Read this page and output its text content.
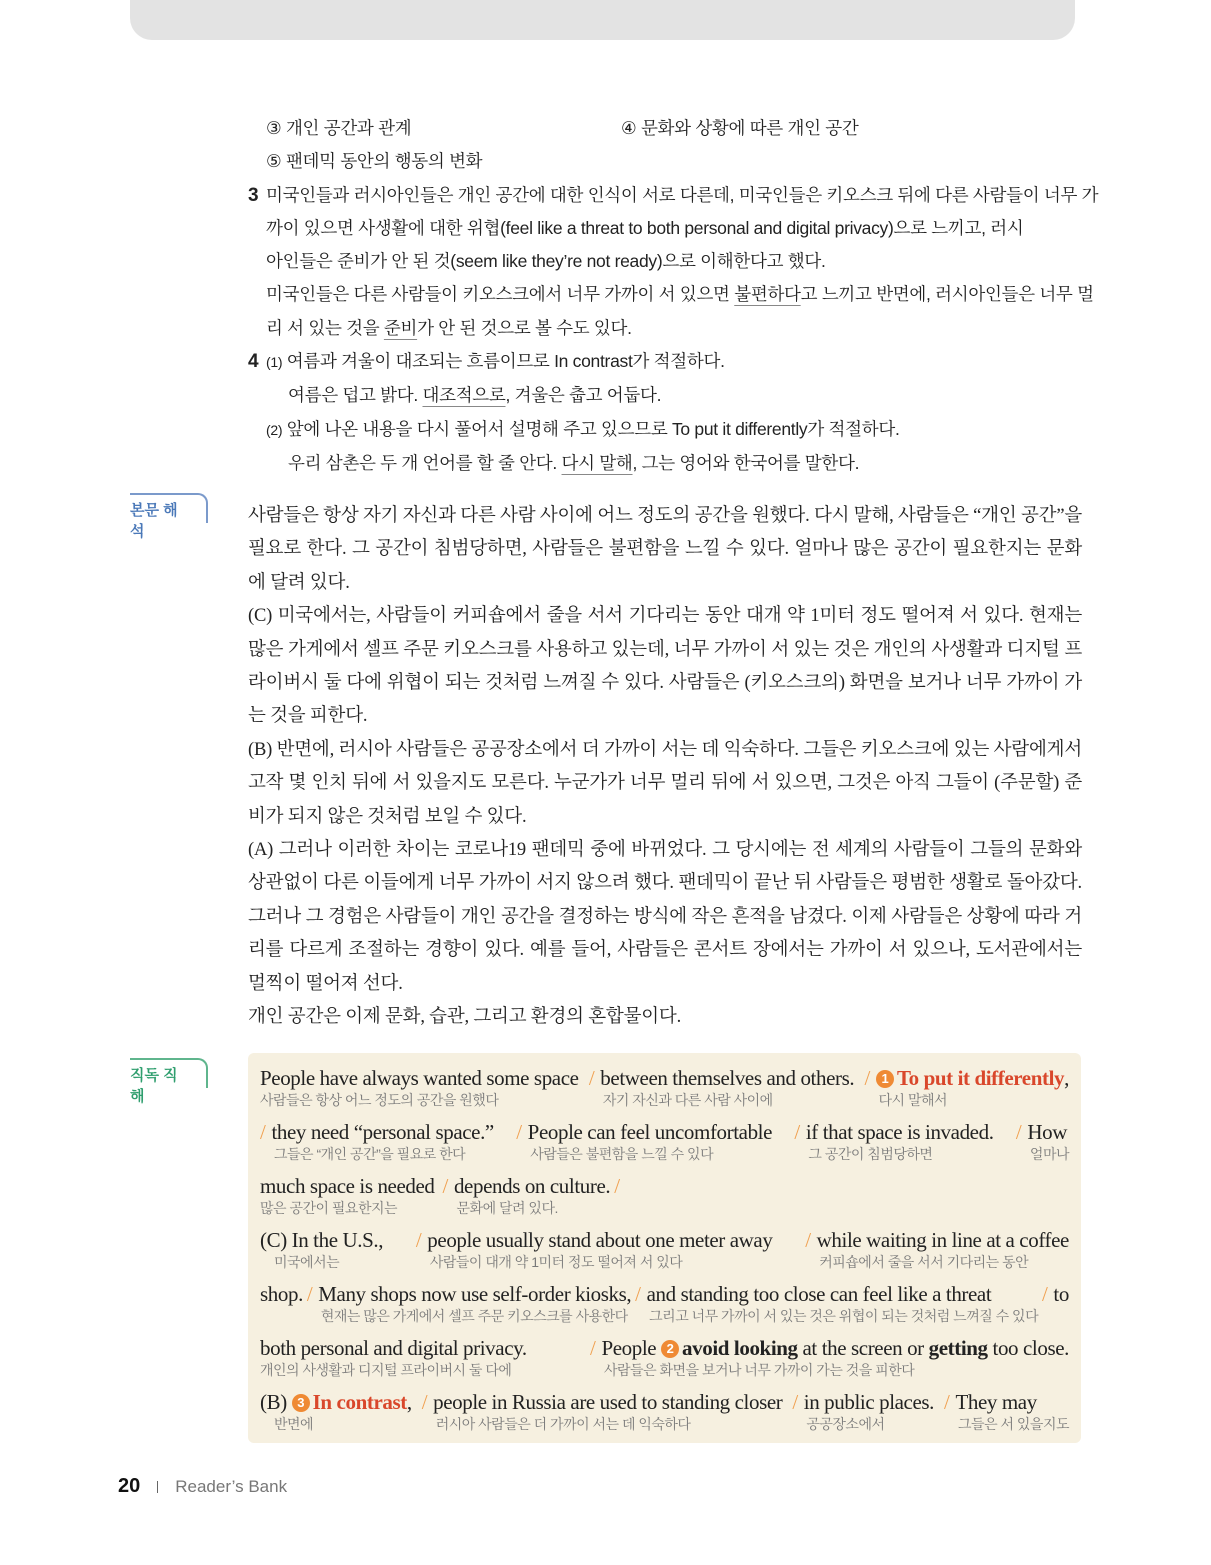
③ 개인 공간과 관계	④ 문화와 상황에 따른 개인 공간
⑤ 팬데믹 동안의 행동의 변화
3 미국인들과 러시아인들은 개인 공간에 대한 인식이 서로 다른데, 미국인들은 키오스크 뒤에 다른 사람들이 너무 가
까이 있으면 사생활에 대한 위협(feel like a threat to both personal and digital privacy)으로 느끼고, 러시
아인들은 준비가 안 된 것(seem like they’re not ready)으로 이해한다고 했다.
미국인들은 다른 사람들이 키오스크에서 너무 가까이 서 있으면 불편하다고 느끼고 반면에, 러시아인들은 너무 멀
리 서 있는 것을 준비가 안 된 것으로 볼 수도 있다.
4 (1) 여름과 겨울이 대조되는 흐름이므로 In contrast가 적절하다.
여름은 덥고 밝다. 대조적으로, 겨울은 춥고 어둡다.
(2) 앞에 나온 내용을 다시 풀어서 설명해 주고 있으므로 To put it differently가 적절하다.
우리 삼촌은 두 개 언어를 할 줄 안다. 다시 말해, 그는 영어와 한국어를 말한다.
본문 해석

사람들은 항상 자기 자신과 다른 사람 사이에 어느 정도의 공간을 원했다. 다시 말해, 사람들은 “개인 공간”을 필요로 한다. 그 공간이 침범당하면, 사람들은 불편함을 느낄 수 있다. 얼마나 많은 공간이 필요한지는 문화에 달려 있다.

(C) 미국에서는, 사람들이 커피숍에서 줄을 서서 기다리는 동안 대개 약 1미터 정도 떨어져 서 있다. 현재는 많은 가게에서 셀프 주문 키오스크를 사용하고 있는데, 너무 가까이 서 있는 것은 개인의 사생활과 디지털 프라이버시 둘 다에 위협이 되는 것처럼 느껴질 수 있다. 사람들은 (키오스크의) 화면을 보거나 너무 가까이 가는 것을 피한다.

(B) 반면에, 러시아 사람들은 공공장소에서 더 가까이 서는 데 익숙하다. 그들은 키오스크에 있는 사람에게서 고작 몇 인치 뒤에 서 있을지도 모른다. 누군가가 너무 멀리 뒤에 서 있으면, 그것은 아직 그들이 (주문할) 준비가 되지 않은 것처럼 보일 수 있다.

(A) 그러나 이러한 차이는 코로나19 팬데믹 중에 바뀌었다. 그 당시에는 전 세계의 사람들이 그들의 문화와 상관없이 다른 이들에게 너무 가까이 서지 않으려 했다. 팬데믹이 끝난 뒤 사람들은 평범한 생활로 돌아갔다. 그러나 그 경험은 사람들이 개인 공간을 결정하는 방식에 작은 흔적을 남겼다. 이제 사람들은 상황에 따라 거리를 다르게 조절하는 경향이 있다. 예를 들어, 사람들은 콘서트 장에서는 가까이 서 있으나, 도서관에서는 멀찍이 떨어져 선다.

개인 공간은 이제 문화, 습관, 그리고 환경의 혼합물이다.

직독 직해
People have always wanted some space
사람들은 항상 어느 정도의 공간을 원했다
/ between themselves and others.
자기 자신과 다른 사람 사이에
/ 1 To put it differently,
다시 말해서
/ they need “personal space.”
그들은 “개인 공간”을 필요로 한다
/ People can feel uncomfortable
사람들은 불편함을 느낄 수 있다
/ if that space is invaded.
그 공간이 침범당하면
/ How
얼마나
much space is needed
많은 공간이 필요한지는
/ depends on culture. /
문화에 달려 있다.
(C) In the U.S.,
미국에서는
/ people usually stand about one meter away
사람들이 대개 약 1미터 정도 떨어져 서 있다
/ while waiting in line at a coffee
커피숍에서 줄을 서서 기다리는 동안
shop. / Many shops now use self-order kiosks,
현재는 많은 가게에서 셀프 주문 키오스크를 사용한다
/ and standing too close can feel like a threat
그리고 너무 가까이 서 있는 것은 위협이 되는 것처럼 느껴질 수 있다
/ to
both personal and digital privacy.
개인의 사생활과 디지털 프라이버시 둘 다에
/ People 2 avoid looking at the screen or getting too close.
사람들은 화면을 보거나 너무 가까이 가는 것을 피한다
(B) 3 In contrast,
반면에
/ people in Russia are used to standing closer
러시아 사람들은 더 가까이 서는 데 익숙하다
/ in public places.
공공장소에서
/ They may
그들은 서 있을지도
20 Reader’s Bank
